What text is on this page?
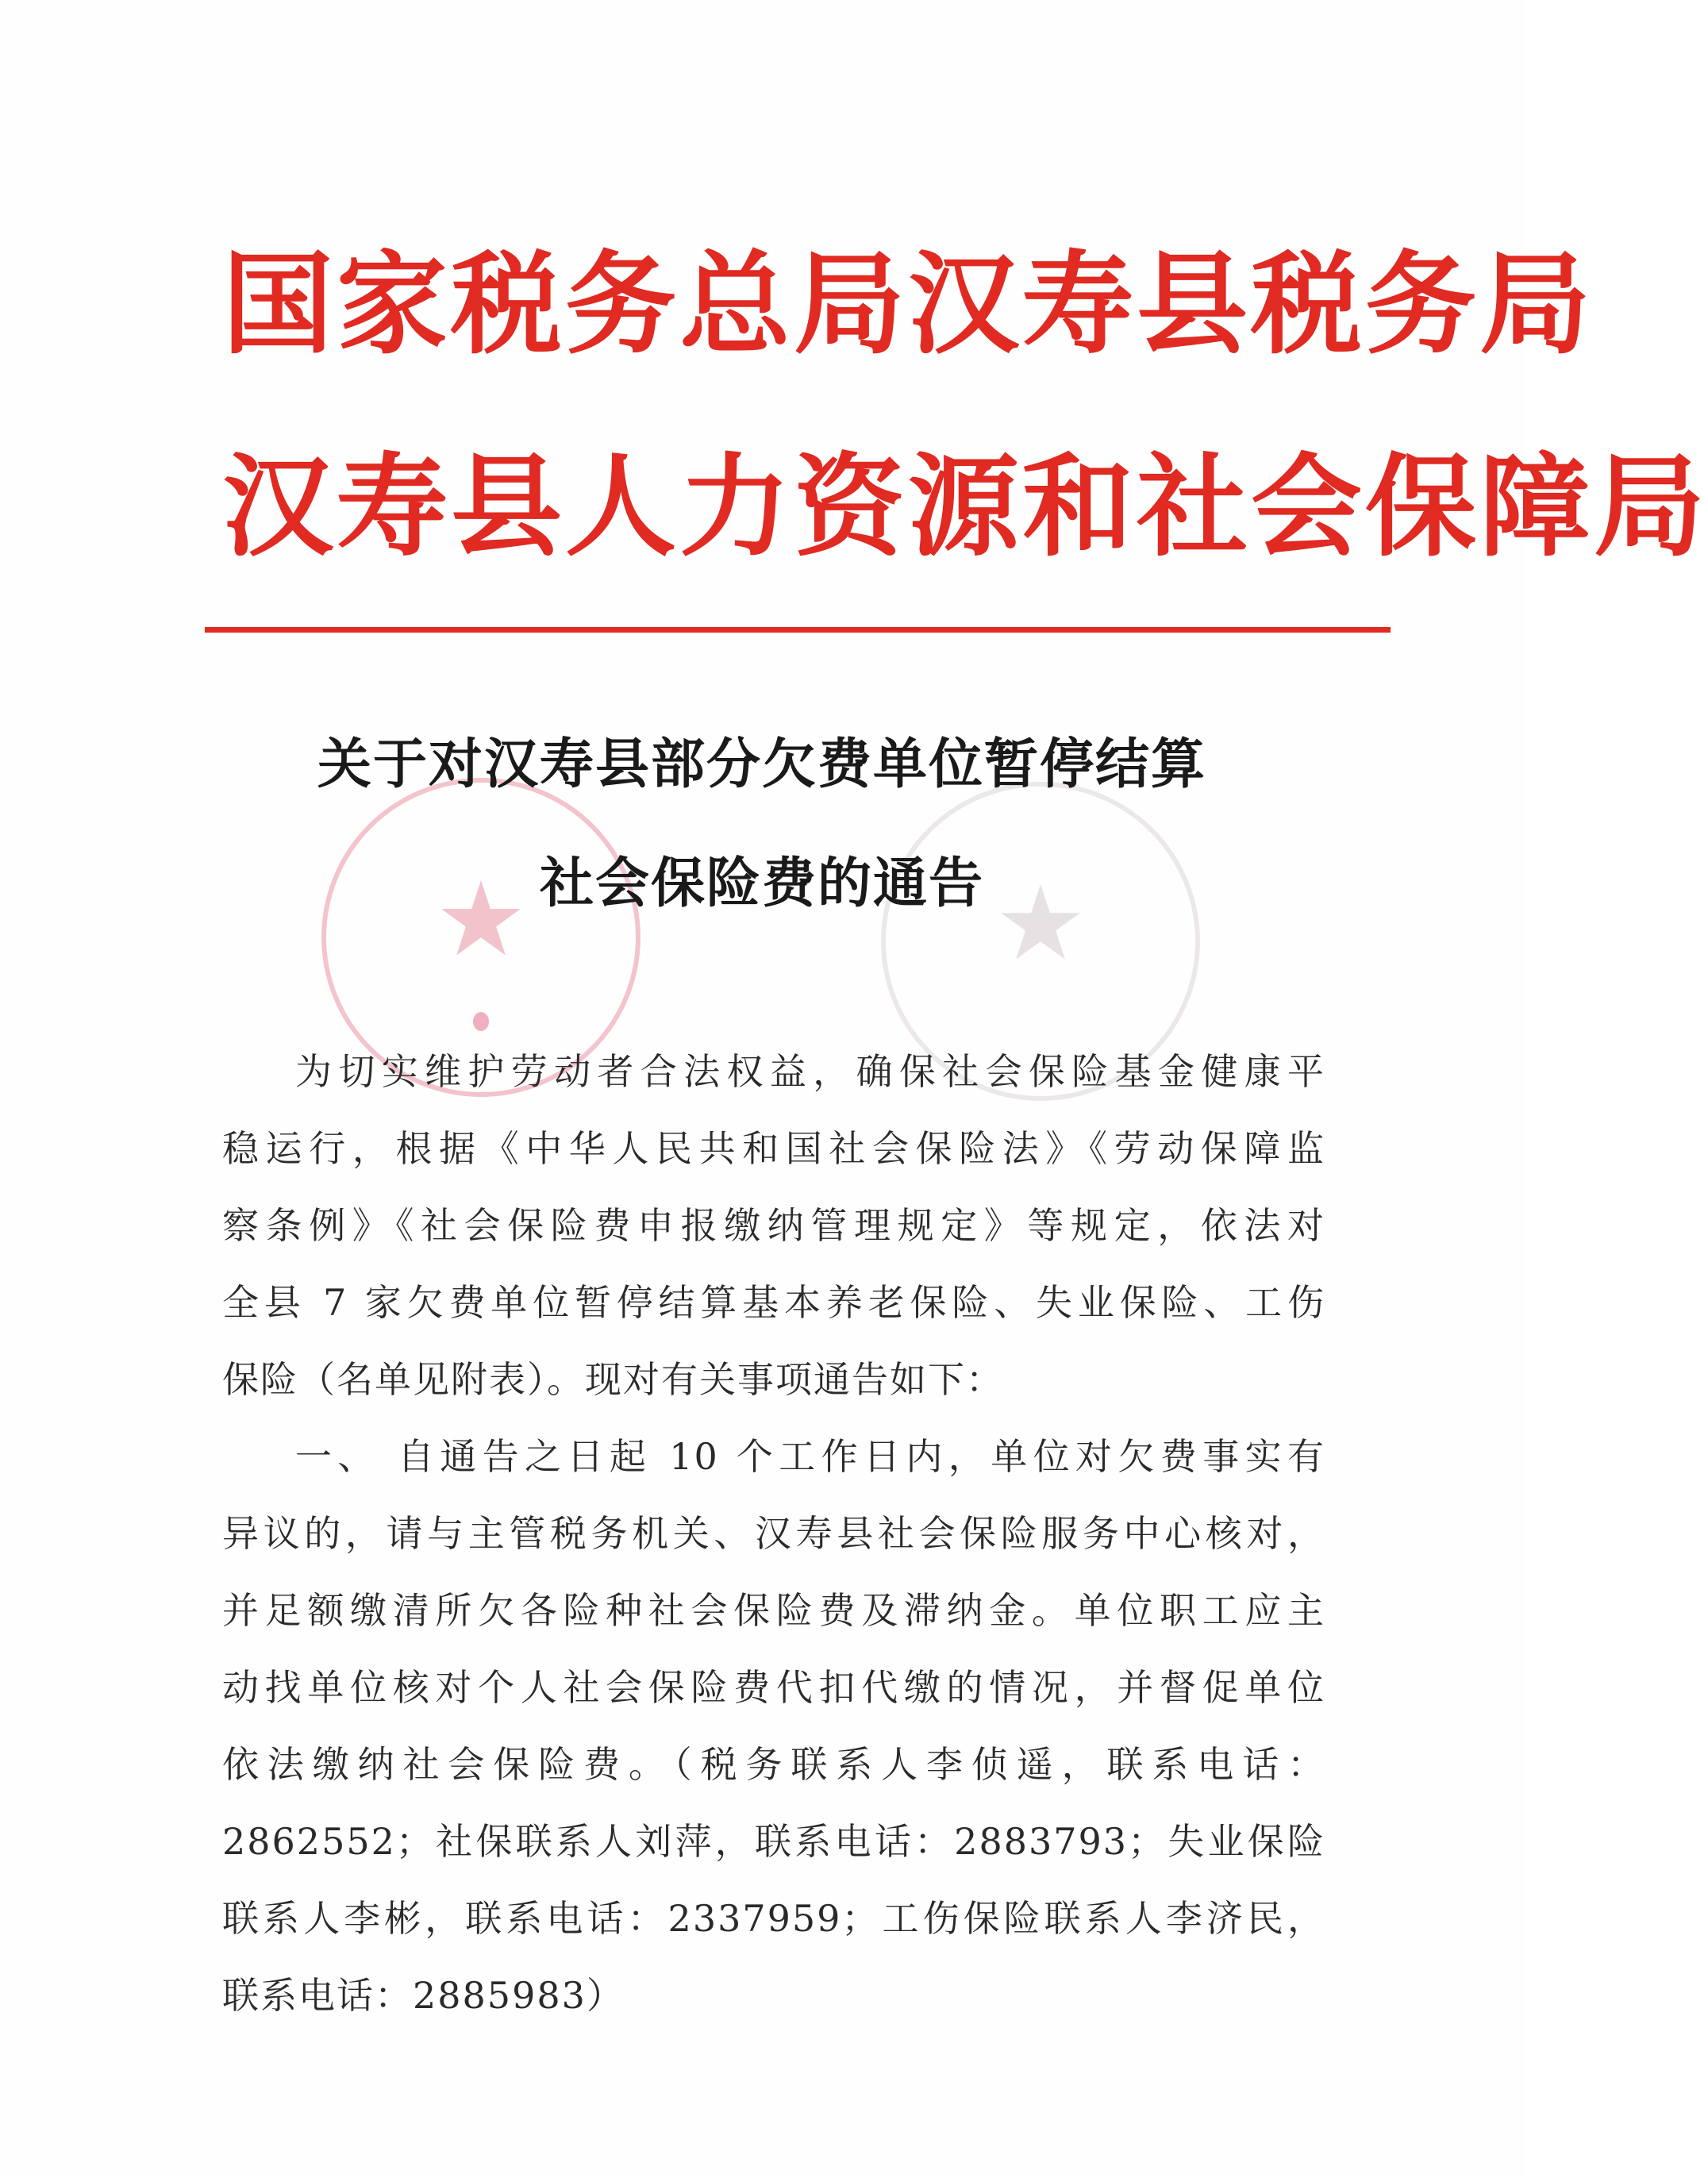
国家税务总局汉寿县税务局
汉寿县人力资源和社会保障局
★	★
关于对汉寿县部分欠费单位暂停结算
社会保险费的通告
为切实维护劳动者合法权益，确保社会保险基金健康平
稳运行，根据《中华人民共和国社会保险法》《劳动保障监
察条例》《社会保险费申报缴纳管理规定》等规定，依法对
全县 7 家欠费单位暂停结算基本养老保险、失业保险、工伤
保险（名单见附表）。现对有关事项通告如下：
一、 自通告之日起 10 个工作日内，单位对欠费事实有
异议的，请与主管税务机关、汉寿县社会保险服务中心核对，
并足额缴清所欠各险种社会保险费及滞纳金。单位职工应主
动找单位核对个人社会保险费代扣代缴的情况，并督促单位
依法缴纳社会保险费。（税务联系人李侦遥，联系电话：
2862552；社保联系人刘萍，联系电话：2883793；失业保险
联系人李彬，联系电话：2337959；工伤保险联系人李济民，
联系电话：2885983）
